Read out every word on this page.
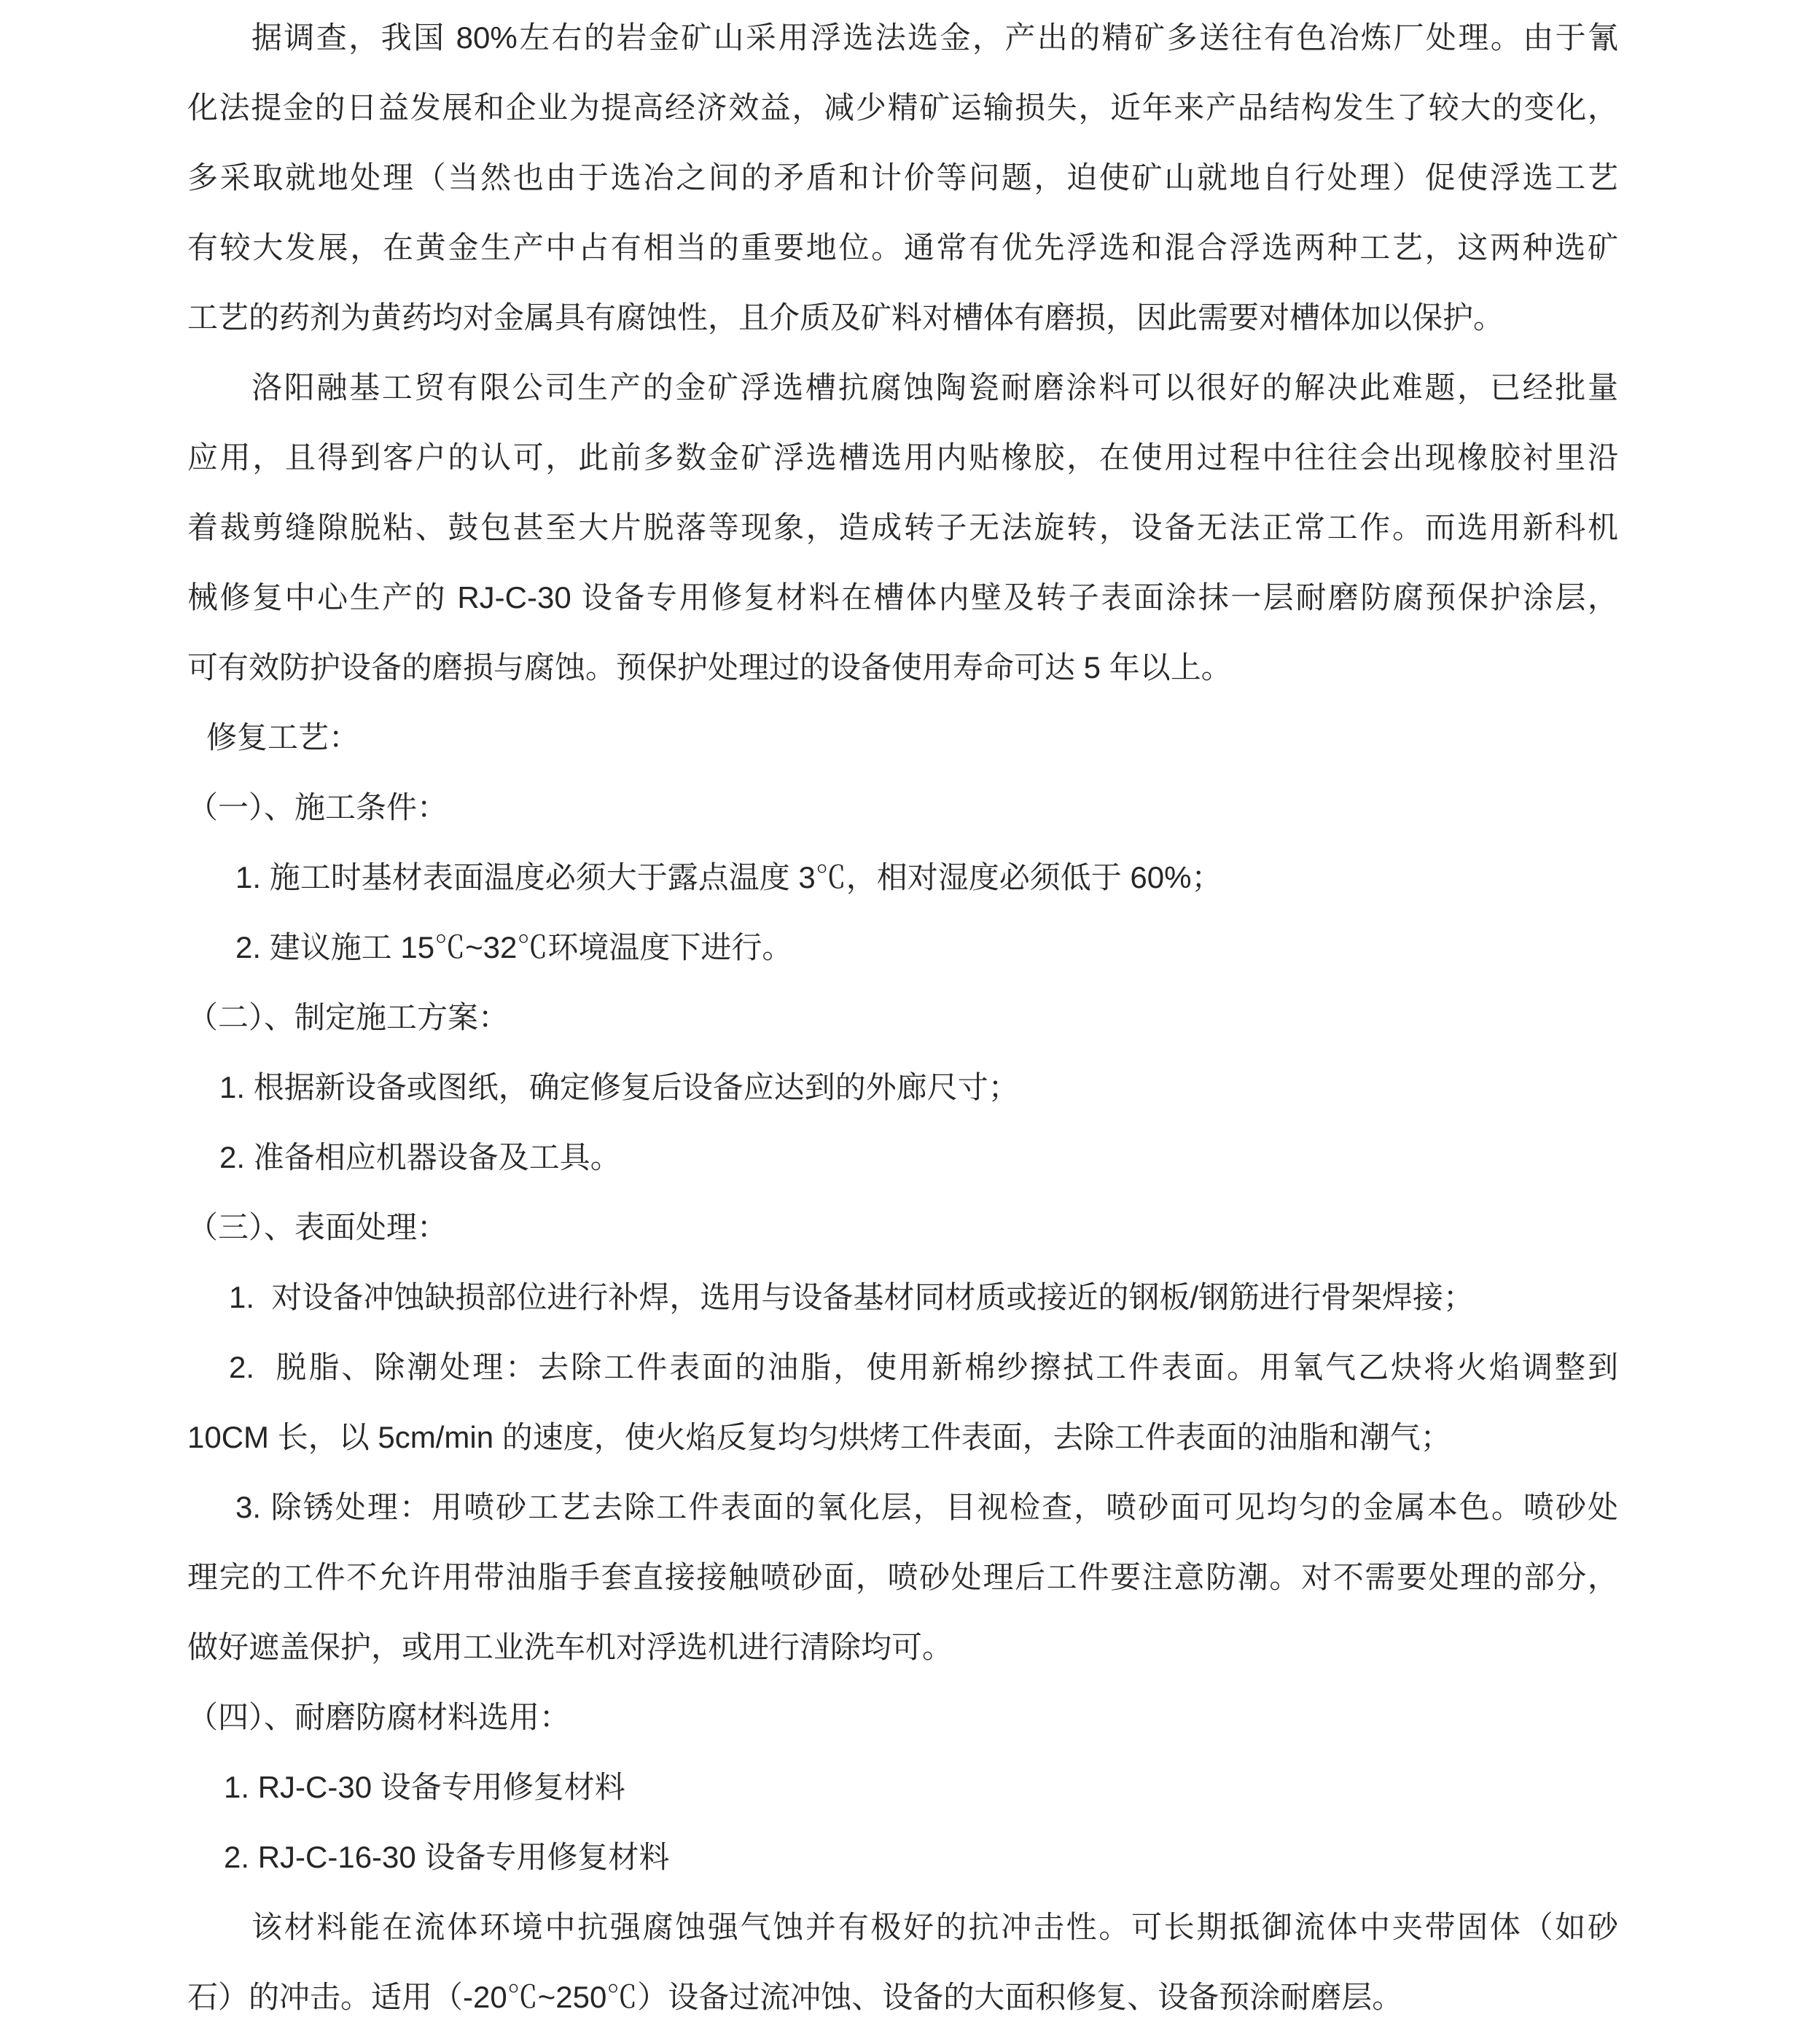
据调查，我国 80%左右的岩金矿山采用浮选法选金，产出的精矿多送往有色冶炼厂处理。由于氰
化法提金的日益发展和企业为提高经济效益，减少精矿运输损失，近年来产品结构发生了较大的变化，
多采取就地处理（当然也由于选冶之间的矛盾和计价等问题，迫使矿山就地自行处理）促使浮选工艺
有较大发展，在黄金生产中占有相当的重要地位。通常有优先浮选和混合浮选两种工艺，这两种选矿
工艺的药剂为黄药均对金属具有腐蚀性，且介质及矿料对槽体有磨损，因此需要对槽体加以保护。
洛阳融基工贸有限公司生产的金矿浮选槽抗腐蚀陶瓷耐磨涂料可以很好的解决此难题，已经批量
应用，且得到客户的认可，此前多数金矿浮选槽选用内贴橡胶，在使用过程中往往会出现橡胶衬里沿
着裁剪缝隙脱粘、鼓包甚至大片脱落等现象，造成转子无法旋转，设备无法正常工作。而选用新科机
械修复中心生产的 RJ-C-30 设备专用修复材料在槽体内壁及转子表面涂抹一层耐磨防腐预保护涂层，
可有效防护设备的磨损与腐蚀。预保护处理过的设备使用寿命可达 5 年以上。
修复工艺：
（一）、施工条件：
1. 施工时基材表面温度必须大于露点温度 3℃，相对湿度必须低于 60%；
2. 建议施工 15℃~32℃环境温度下进行。
（二）、制定施工方案：
1. 根据新设备或图纸，确定修复后设备应达到的外廊尺寸；
2. 准备相应机器设备及工具。
（三）、表面处理：
1.  对设备冲蚀缺损部位进行补焊，选用与设备基材同材质或接近的钢板/钢筋进行骨架焊接；
2.  脱脂、除潮处理：去除工件表面的油脂，使用新棉纱擦拭工件表面。用氧气乙炔将火焰调整到
10CM 长，以 5cm/min 的速度，使火焰反复均匀烘烤工件表面，去除工件表面的油脂和潮气；
3. 除锈处理：用喷砂工艺去除工件表面的氧化层，目视检查，喷砂面可见均匀的金属本色。喷砂处
理完的工件不允许用带油脂手套直接接触喷砂面，喷砂处理后工件要注意防潮。对不需要处理的部分，
做好遮盖保护，或用工业洗车机对浮选机进行清除均可。
（四）、耐磨防腐材料选用：
1. RJ-C-30 设备专用修复材料
2. RJ-C-16-30 设备专用修复材料
该材料能在流体环境中抗强腐蚀强气蚀并有极好的抗冲击性。可长期抵御流体中夹带固体（如砂
石）的冲击。适用（-20℃~250℃）设备过流冲蚀、设备的大面积修复、设备预涂耐磨层。
